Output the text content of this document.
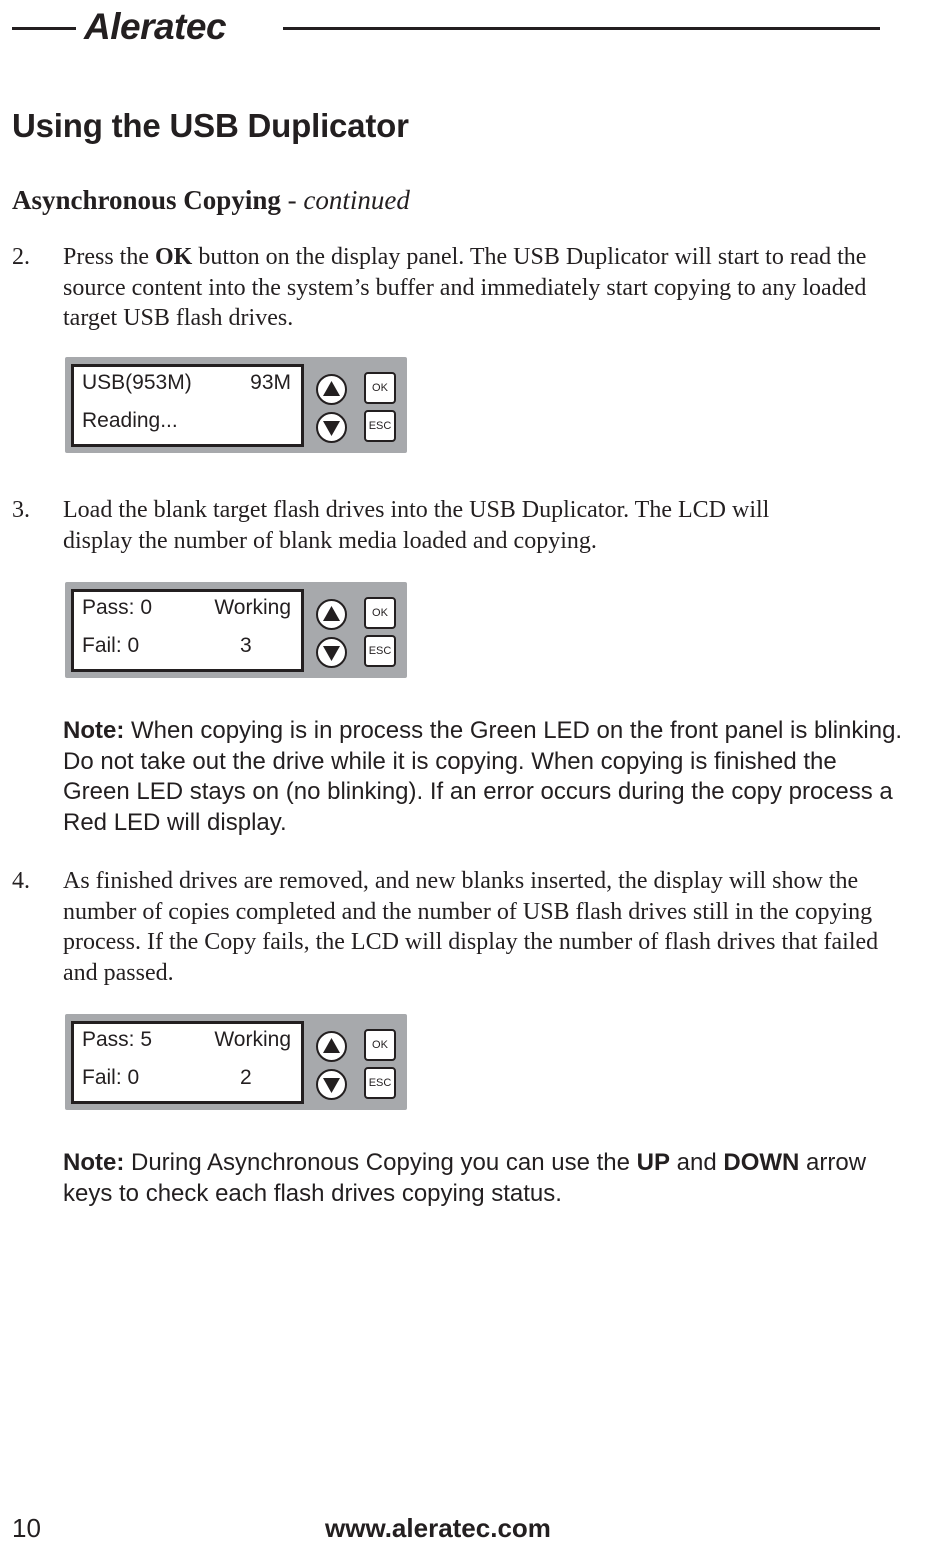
Aleratec
Using the USB Duplicator
Asynchronous Copying - continued
2. Press the OK button on the display panel. The USB Duplicator will start to read the source content into the system’s buffer and immediately start copying to any loaded target USB flash drives.
USB(953M)	93M
Reading...
OK
ESC
3. Load the blank target flash drives into the USB Duplicator. The LCD will display the number of blank media loaded and copying.
Pass: 0	Working
Fail: 0	3
OK
ESC
Note: When copying is in process the Green LED on the front panel is blinking. Do not take out the drive while it is copying. When copying is finished the Green LED stays on (no blinking). If an error occurs during the copy process a Red LED will display.
4. As finished drives are removed, and new blanks inserted, the display will show the number of copies completed and the number of USB flash drives still in the copying process. If the Copy fails, the LCD will display the number of flash drives that failed and passed.
Pass: 5	Working
Fail: 0	2
OK
ESC
Note: During Asynchronous Copying you can use the UP and DOWN arrow keys to check each flash drives copying status.
10	www.aleratec.com
